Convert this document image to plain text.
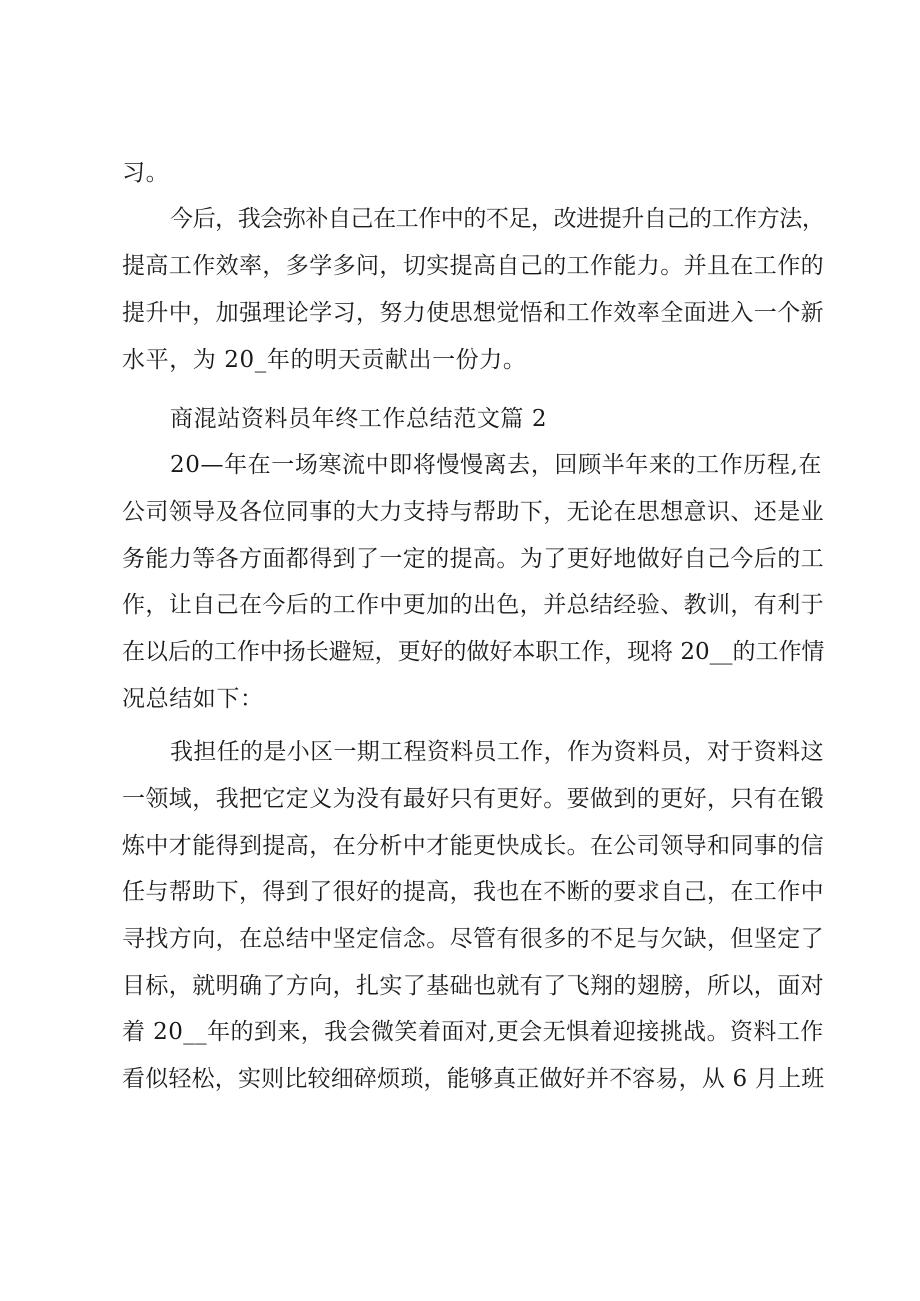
习。

今后，我会弥补自己在工作中的不足，改进提升自己的工作方法，

提高工作效率，多学多问，切实提高自己的工作能力。并且在工作的

提升中，加强理论学习，努力使思想觉悟和工作效率全面进入一个新

水平，为 20_年的明天贡献出一份力。

商混站资料员年终工作总结范文篇 2

20—年在一场寒流中即将慢慢离去，回顾半年来的工作历程,在

公司领导及各位同事的大力支持与帮助下，无论在思想意识、还是业

务能力等各方面都得到了一定的提高。为了更好地做好自己今后的工

作，让自己在今后的工作中更加的出色，并总结经验、教训，有利于

在以后的工作中扬长避短，更好的做好本职工作，现将 20__的工作情

况总结如下：

我担任的是小区一期工程资料员工作，作为资料员，对于资料这

一领域，我把它定义为没有最好只有更好。要做到的更好，只有在锻

炼中才能得到提高，在分析中才能更快成长。在公司领导和同事的信

任与帮助下，得到了很好的提高，我也在不断的要求自己，在工作中

寻找方向，在总结中坚定信念。尽管有很多的不足与欠缺，但坚定了

目标，就明确了方向，扎实了基础也就有了飞翔的翅膀，所以，面对

着 20__年的到来，我会微笑着面对,更会无惧着迎接挑战。资料工作

看似轻松，实则比较细碎烦琐，能够真正做好并不容易，从 6 月上班
